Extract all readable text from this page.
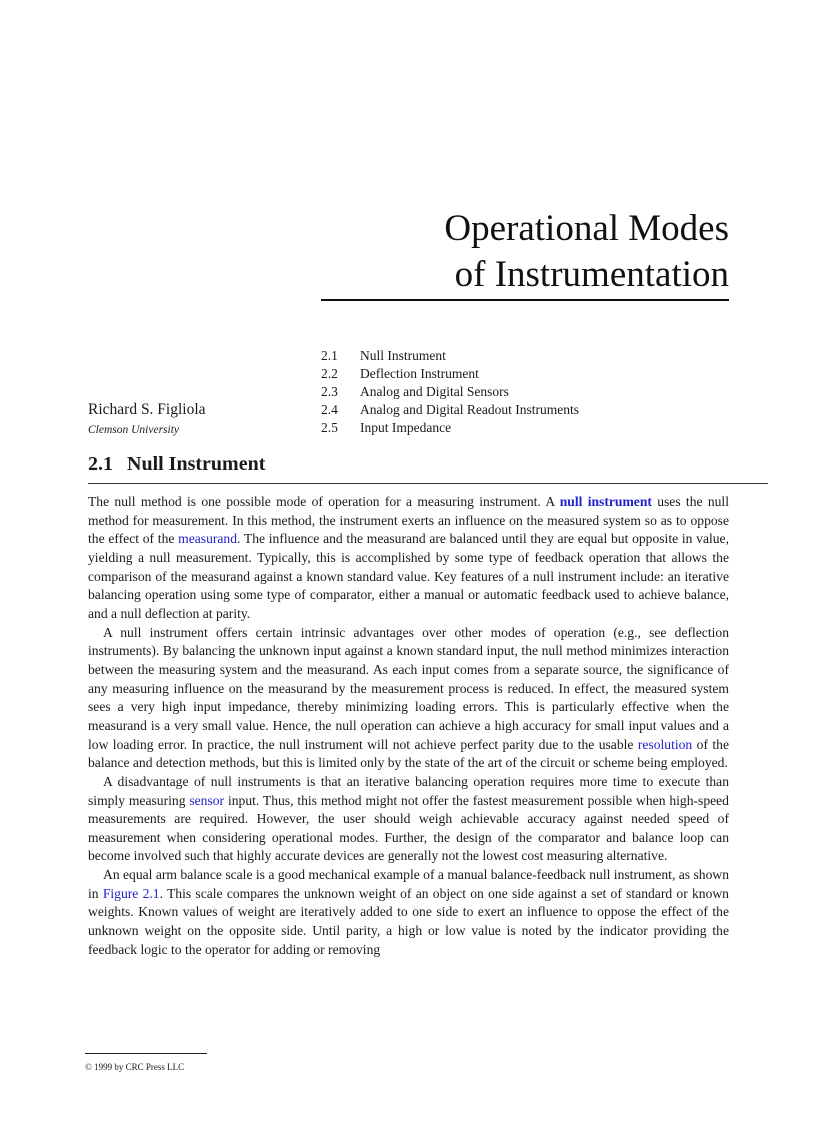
Operational Modes
of Instrumentation
2.1	Null Instrument
2.2	Deflection Instrument
2.3	Analog and Digital Sensors
2.4	Analog and Digital Readout Instruments
2.5	Input Impedance
Richard S. Figliola
Clemson University
2.1 Null Instrument

The null method is one possible mode of operation for a measuring instrument. A null instrument uses the null method for measurement. In this method, the instrument exerts an influence on the measured system so as to oppose the effect of the measurand. The influence and the measurand are balanced until they are equal but opposite in value, yielding a null measurement. Typically, this is accomplished by some type of feedback operation that allows the comparison of the measurand against a known standard value. Key features of a null instrument include: an iterative balancing operation using some type of comparator, either a manual or automatic feedback used to achieve balance, and a null deflection at parity.

A null instrument offers certain intrinsic advantages over other modes of operation (e.g., see deflection instruments). By balancing the unknown input against a known standard input, the null method minimizes interaction between the measuring system and the measurand. As each input comes from a separate source, the significance of any measuring influence on the measurand by the measurement process is reduced. In effect, the measured system sees a very high input impedance, thereby minimizing loading errors. This is particularly effective when the measurand is a very small value. Hence, the null operation can achieve a high accuracy for small input values and a low loading error. In practice, the null instrument will not achieve perfect parity due to the usable resolution of the balance and detection methods, but this is limited only by the state of the art of the circuit or scheme being employed.

A disadvantage of null instruments is that an iterative balancing operation requires more time to execute than simply measuring sensor input. Thus, this method might not offer the fastest measurement possible when high-speed measurements are required. However, the user should weigh achievable accuracy against needed speed of measurement when considering operational modes. Further, the design of the comparator and balance loop can become involved such that highly accurate devices are generally not the lowest cost measuring alternative.

An equal arm balance scale is a good mechanical example of a manual balance-feedback null instrument, as shown in Figure 2.1. This scale compares the unknown weight of an object on one side against a set of standard or known weights. Known values of weight are iteratively added to one side to exert an influence to oppose the effect of the unknown weight on the opposite side. Until parity, a high or low value is noted by the indicator providing the feedback logic to the operator for adding or removing

© 1999 by CRC Press LLC
